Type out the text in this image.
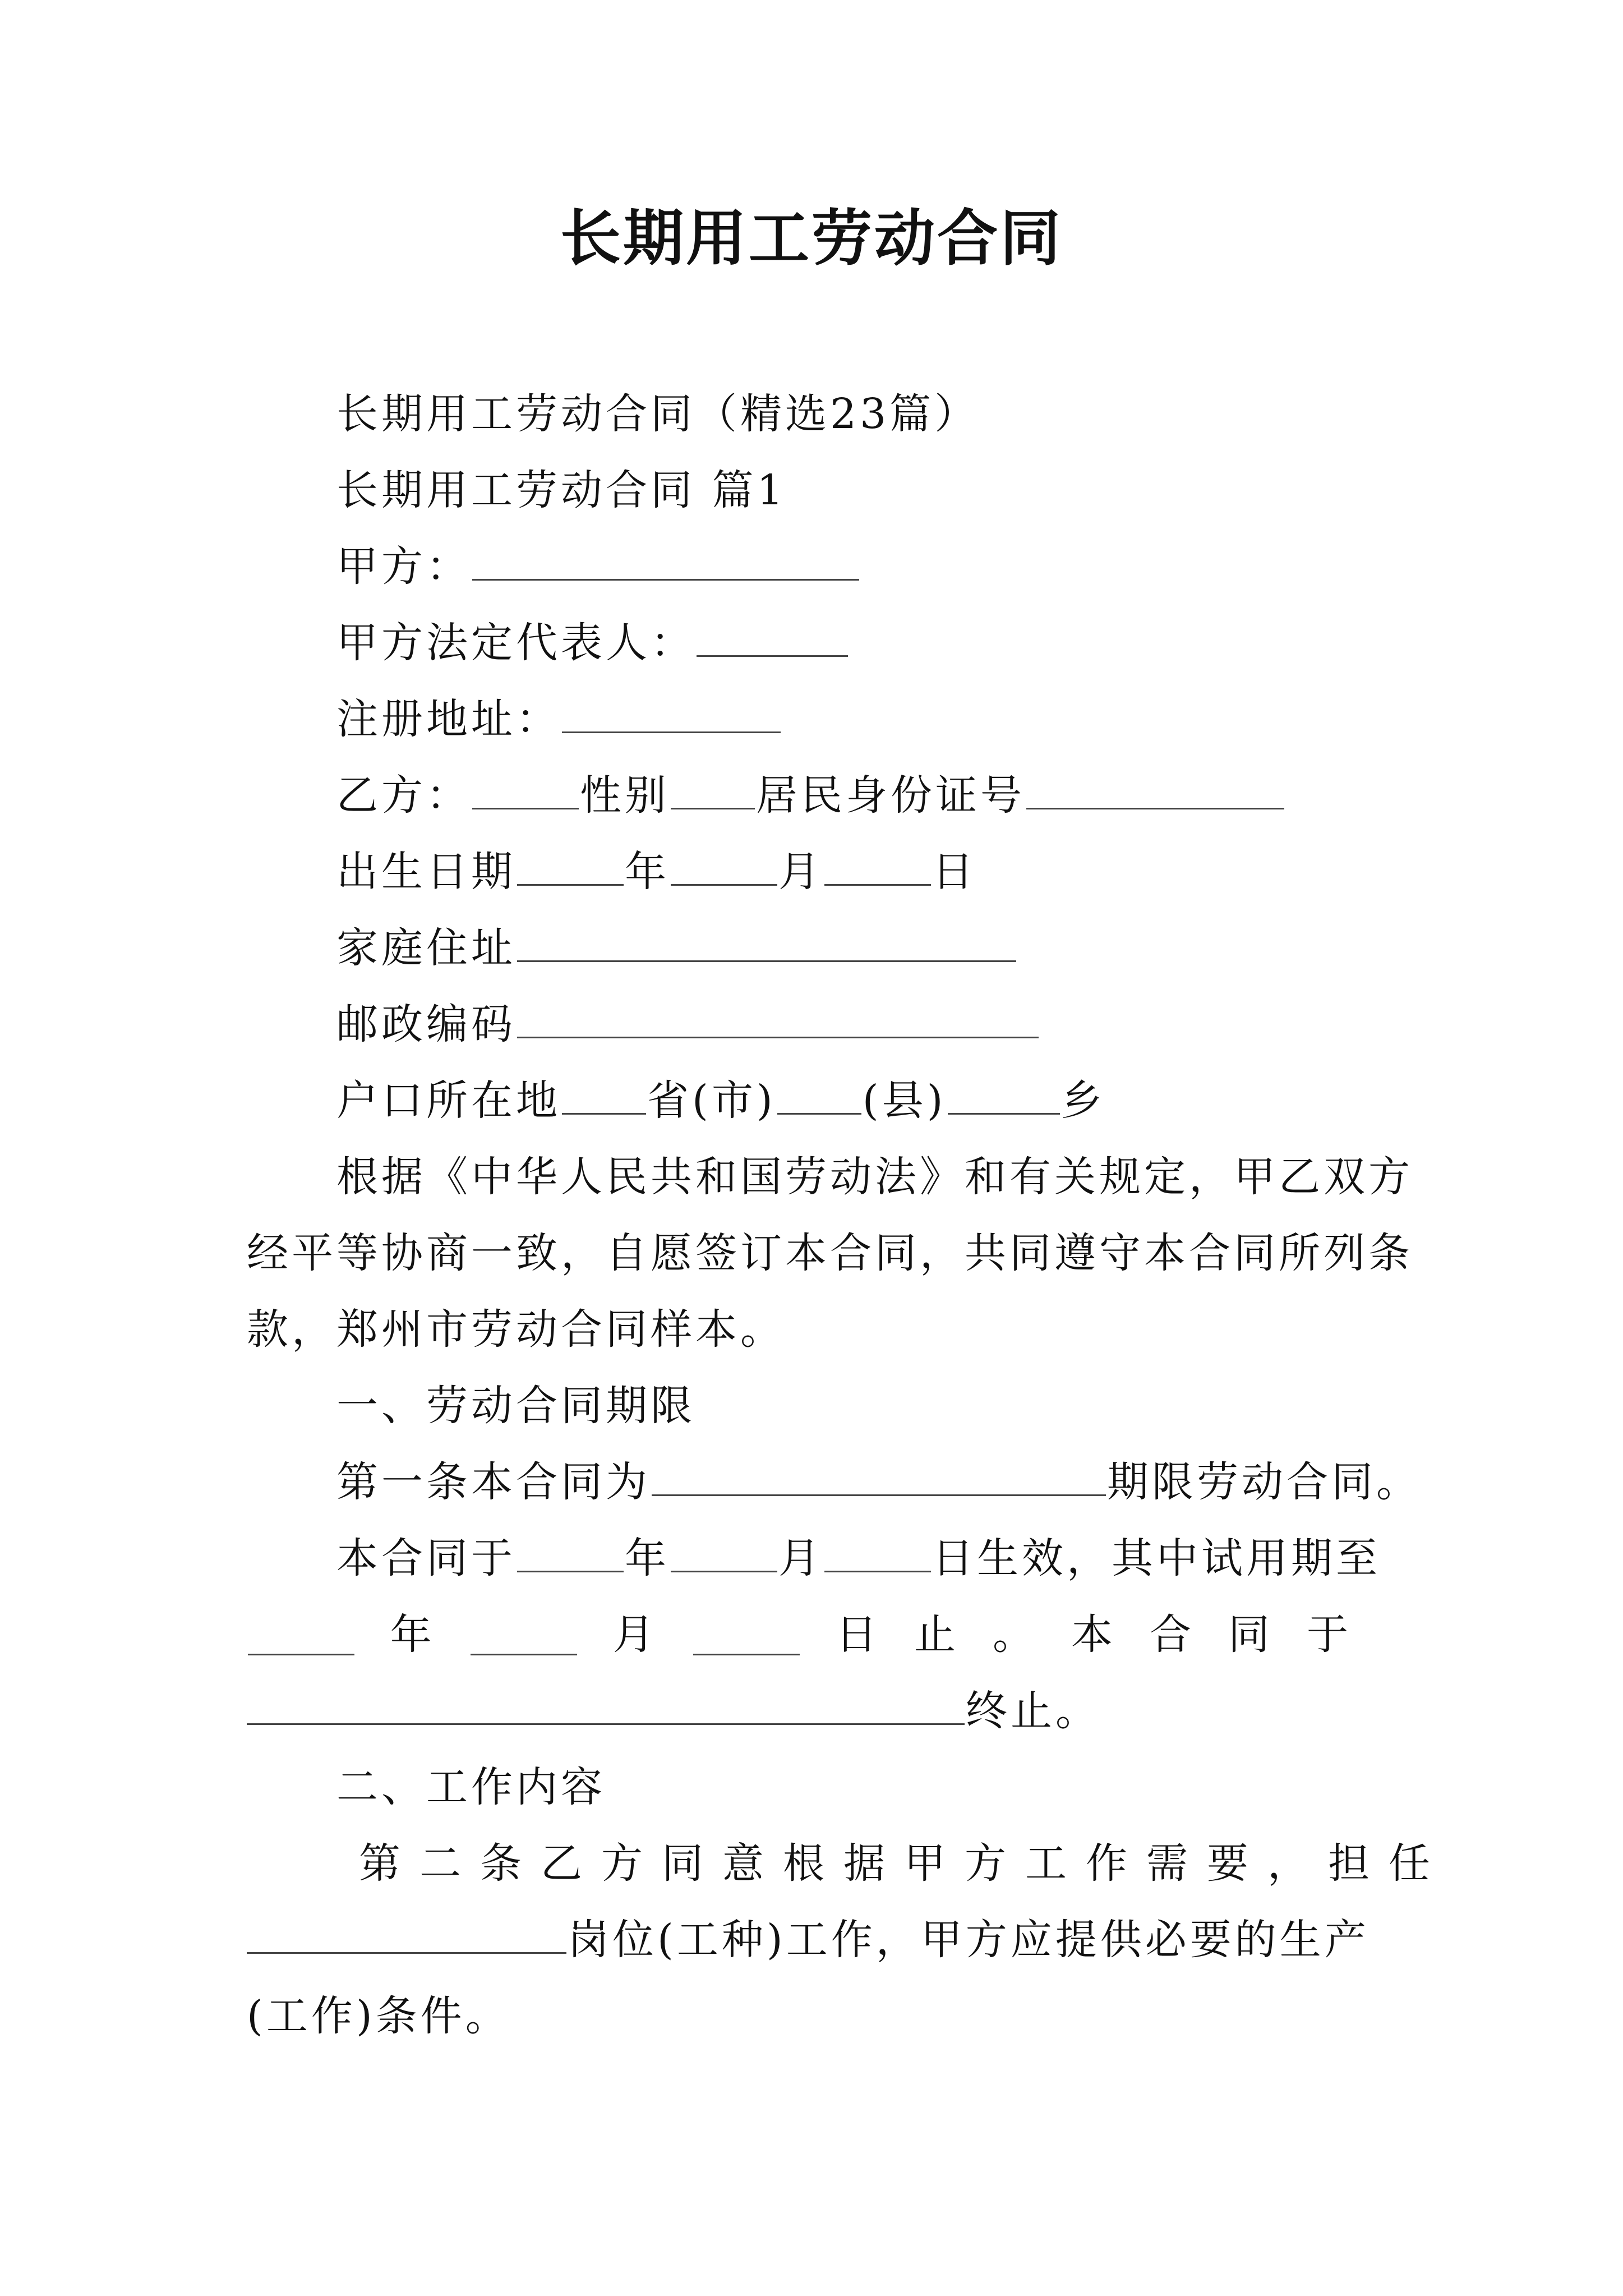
长期用工劳动合同
长期用工劳动合同（精选23篇）
长期用工劳动合同 篇1
甲方：
甲方法定代表人：
注册地址：
乙方：	性别 居民身份证号
出生日期	年	月	日
家庭住址
邮政编码
户口所在地 省(市) (县)	乡
根据《中华人民共和国劳动法》和有关规定，甲乙双方
经平等协商一致，自愿签订本合同，共同遵守本合同所列条
款，郑州市劳动合同样本。
一、劳动合同期限
第一条本合同为	期限劳动合同。
本合同于	年	月	日生效，其中试用期至
年	月	日止。本合同于
终止。
二、工作内容
第二条乙方同意根据甲方工作需要，担任
岗位(工种)工作，甲方应提供必要的生产
(工作)条件。
